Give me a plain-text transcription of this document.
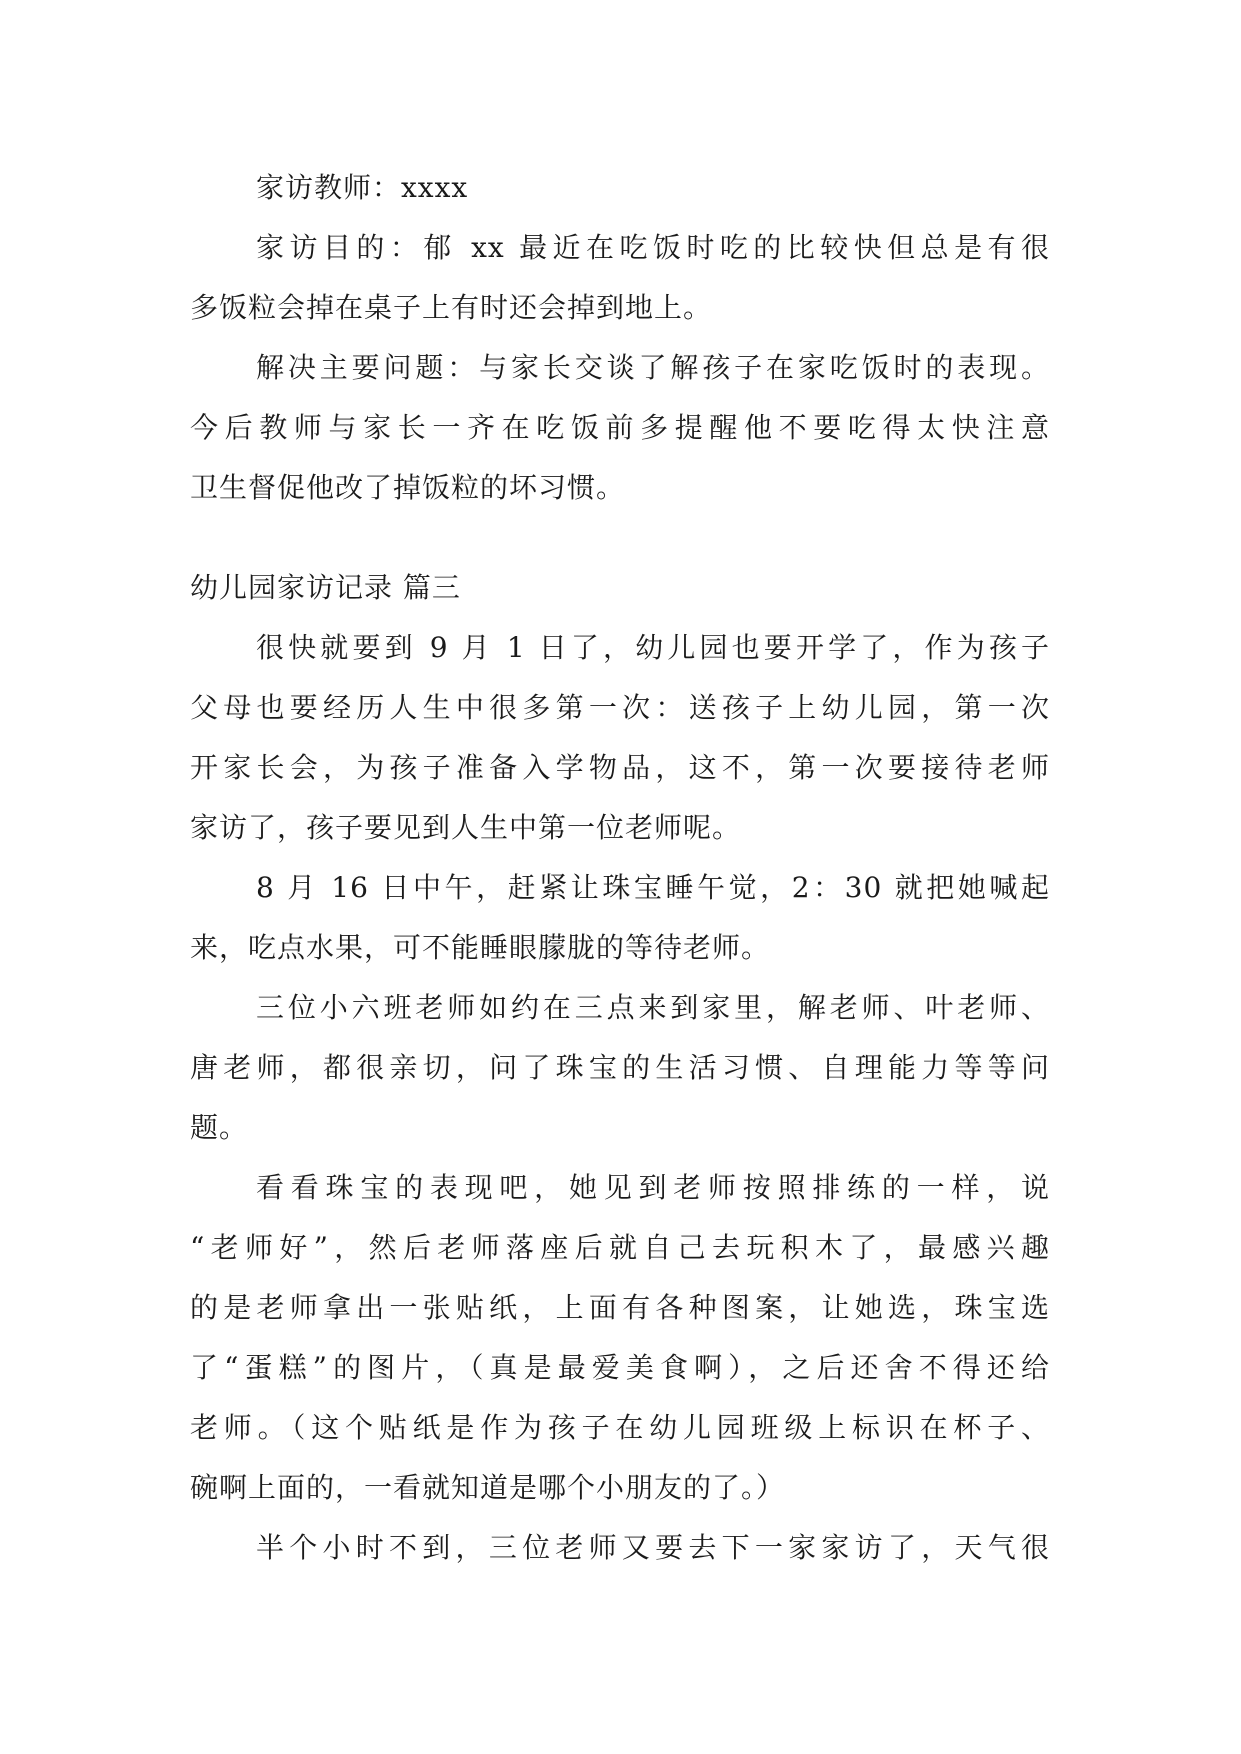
家访教师：xxxx
家访目的：郁 xx 最近在吃饭时吃的比较快但总是有很
多饭粒会掉在桌子上有时还会掉到地上。
解决主要问题：与家长交谈了解孩子在家吃饭时的表现。
今后教师与家长一齐在吃饭前多提醒他不要吃得太快注意
卫生督促他改了掉饭粒的坏习惯。
幼儿园家访记录 篇三
很快就要到 9 月 1 日了，幼儿园也要开学了，作为孩子
父母也要经历人生中很多第一次：送孩子上幼儿园，第一次
开家长会，为孩子准备入学物品，这不，第一次要接待老师
家访了，孩子要见到人生中第一位老师呢。
8 月 16 日中午，赶紧让珠宝睡午觉，2：30 就把她喊起
来，吃点水果，可不能睡眼朦胧的等待老师。
三位小六班老师如约在三点来到家里，解老师、叶老师、
唐老师，都很亲切，问了珠宝的生活习惯、自理能力等等问
题。
看看珠宝的表现吧，她见到老师按照排练的一样，说
“老师好”，然后老师落座后就自己去玩积木了，最感兴趣
的是老师拿出一张贴纸，上面有各种图案，让她选，珠宝选
了“蛋糕”的图片，（真是最爱美食啊），之后还舍不得还给
老师。（这个贴纸是作为孩子在幼儿园班级上标识在杯子、
碗啊上面的，一看就知道是哪个小朋友的了。）
半个小时不到，三位老师又要去下一家家访了，天气很
